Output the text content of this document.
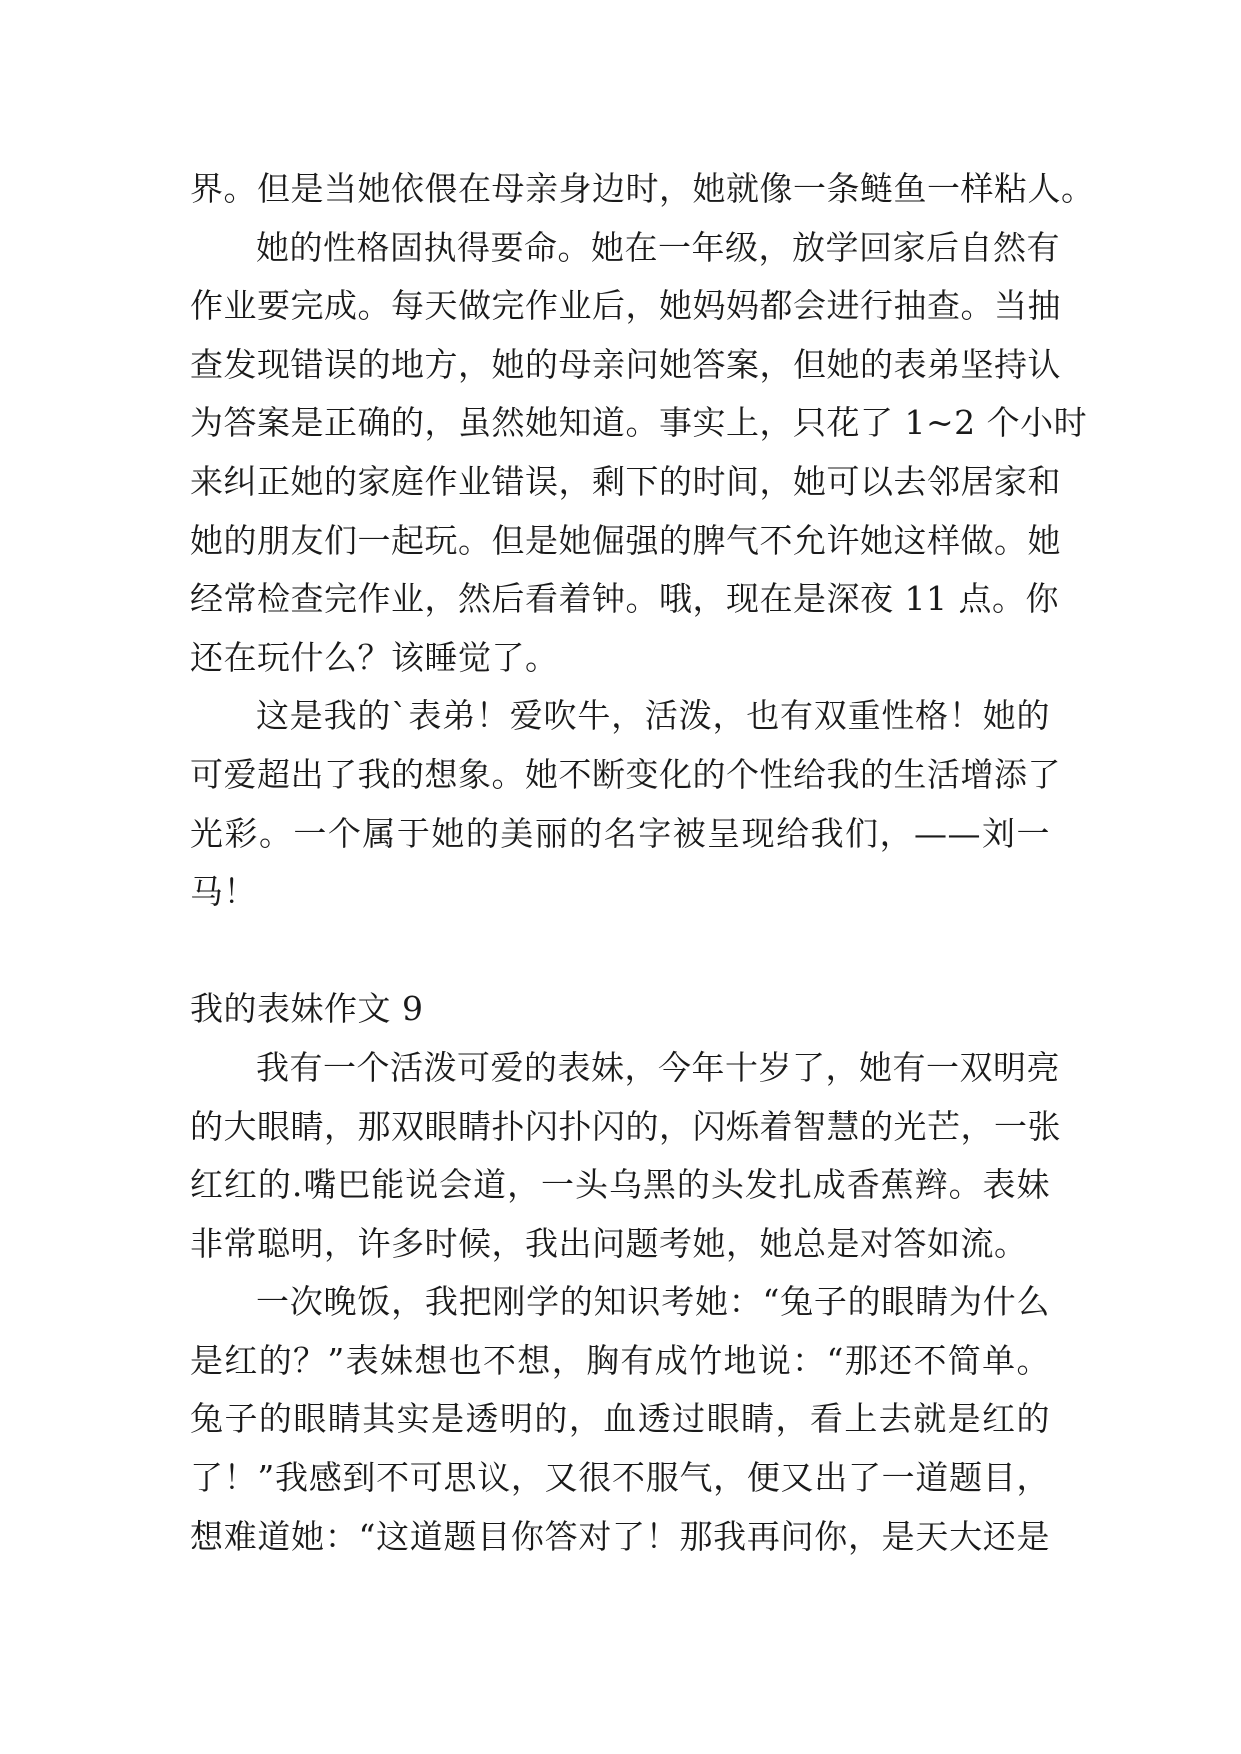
界。但是当她依偎在母亲身边时，她就像一条鲢鱼一样粘人。
她的性格固执得要命。她在一年级，放学回家后自然有
作业要完成。每天做完作业后，她妈妈都会进行抽查。当抽
查发现错误的地方，她的母亲问她答案，但她的表弟坚持认
为答案是正确的，虽然她知道。事实上，只花了 1~2 个小时
来纠正她的家庭作业错误，剩下的时间，她可以去邻居家和
她的朋友们一起玩。但是她倔强的脾气不允许她这样做。她
经常检查完作业，然后看着钟。哦，现在是深夜 11 点。你
还在玩什么？该睡觉了。
这是我的`表弟！爱吹牛，活泼，也有双重性格！她的
可爱超出了我的想象。她不断变化的个性给我的生活增添了
光彩。一个属于她的美丽的名字被呈现给我们，——刘一
马！
我的表妹作文 9
我有一个活泼可爱的表妹，今年十岁了，她有一双明亮
的大眼睛，那双眼睛扑闪扑闪的，闪烁着智慧的光芒，一张
红红的.嘴巴能说会道，一头乌黑的头发扎成香蕉辫。表妹
非常聪明，许多时候，我出问题考她，她总是对答如流。
一次晚饭，我把刚学的知识考她：“兔子的眼睛为什么
是红的？”表妹想也不想，胸有成竹地说：“那还不简单。
兔子的眼睛其实是透明的，血透过眼睛，看上去就是红的
了！”我感到不可思议，又很不服气，便又出了一道题目，
想难道她：“这道题目你答对了！那我再问你，是天大还是
